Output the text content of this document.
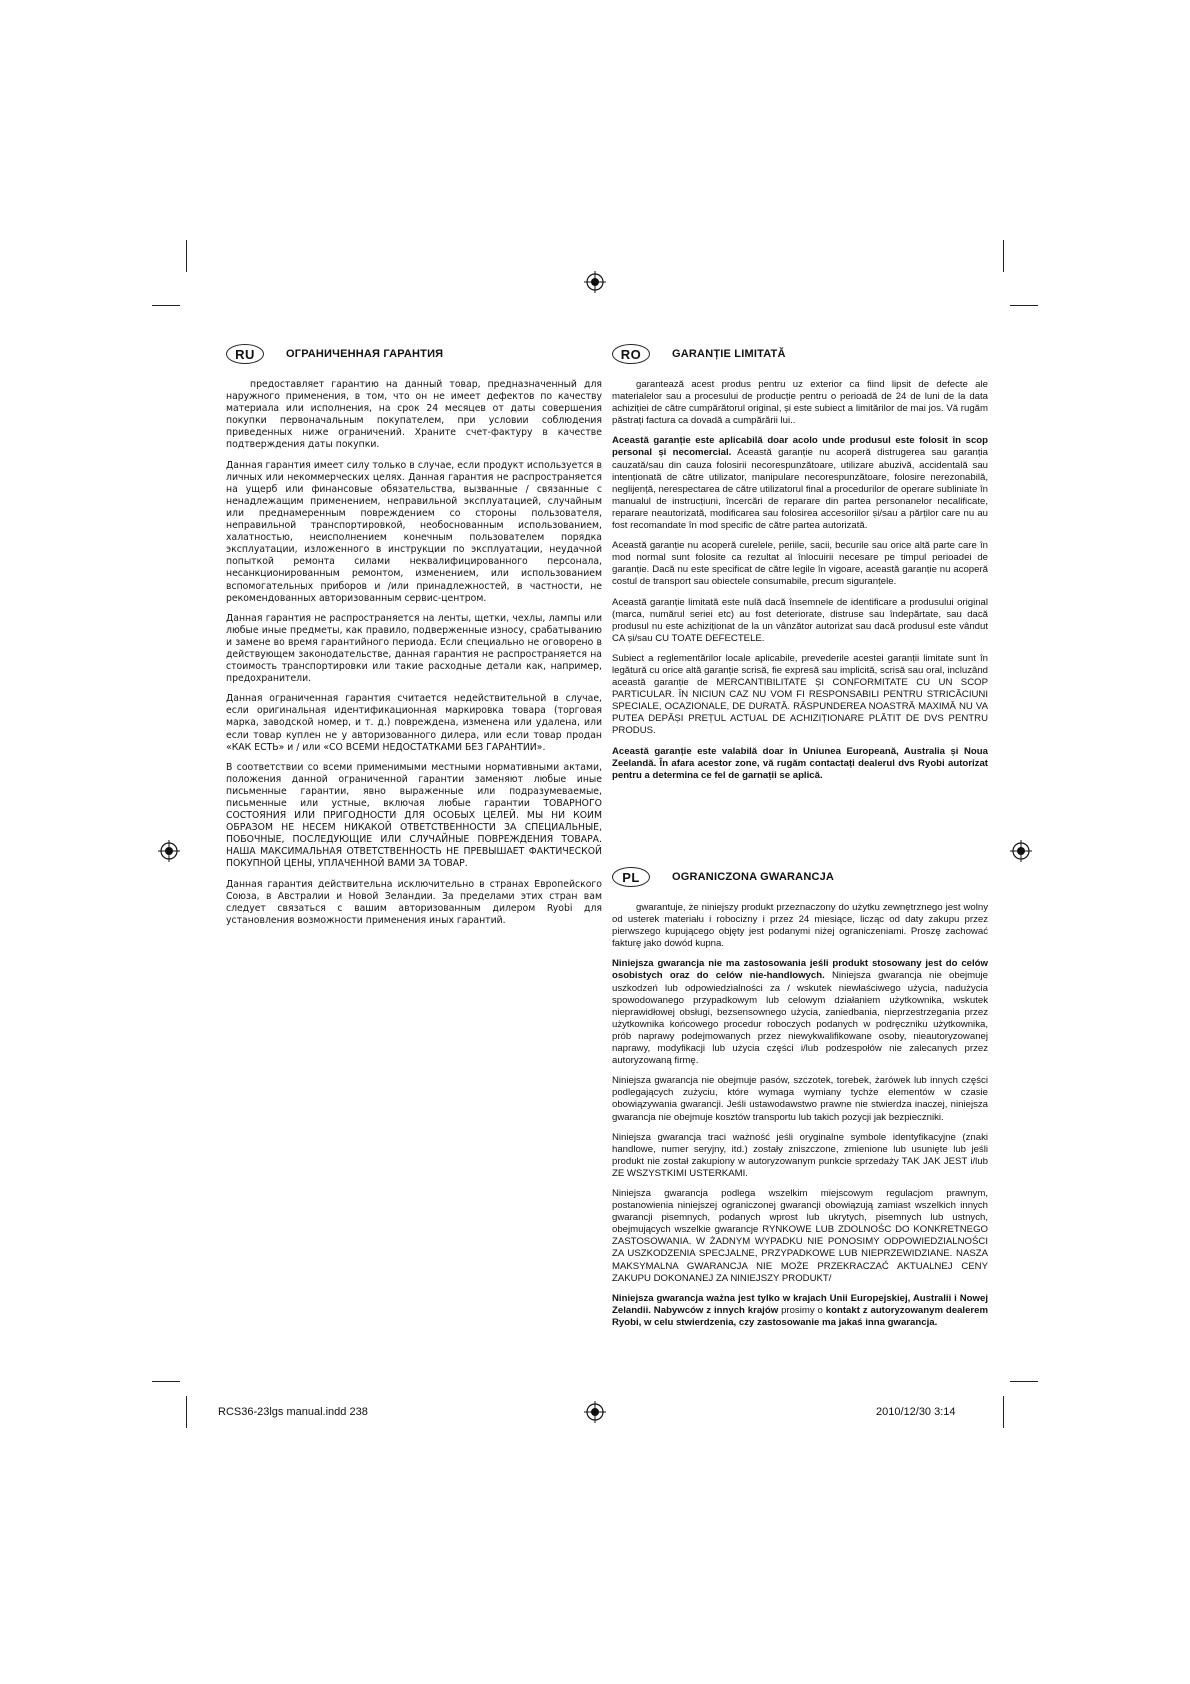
RU	ОГРАНИЧЕННАЯ ГАРАНТИЯ

предоставляет гарантию на данный товар, предназначенный для наружного применения, в том, что он не имеет дефектов по качеству материала или исполнения, на срок 24 месяцев от даты совершения покупки первоначальным покупателем, при условии соблюдения приведенных ниже ограничений. Храните счет-фактуру в качестве подтверждения даты покупки.

Данная гарантия имеет силу только в случае, если продукт используется в личных или некоммерческих целях. Данная гарантия не распространяется на ущерб или финансовые обязательства, вызванные / связанные с ненадлежащим применением, неправильной эксплуатацией, случайным или преднамеренным повреждением со стороны пользователя, неправильной транспортировкой, необоснованным использованием, халатностью, неисполнением конечным пользователем порядка эксплуатации, изложенного в инструкции по эксплуатации, неудачной попыткой ремонта силами неквалифицированного персонала, несанкционированным ремонтом, изменением, или использованием вспомогательных приборов и /или принадлежностей, в частности, не рекомендованных авторизованным сервис-центром.

Данная гарантия не распространяется на ленты, щетки, чехлы, лампы или любые иные предметы, как правило, подверженные износу, срабатыванию и замене во время гарантийного периода. Если специально не оговорено в действующем законодательстве, данная гарантия не распространяется на стоимость транспортировки или такие расходные детали как, например, предохранители.

Данная ограниченная гарантия считается недействительной в случае, если оригинальная идентификационная маркировка товара (торговая марка, заводской номер, и т. д.) повреждена, изменена или удалена, или если товар куплен не у авторизованного дилера, или если товар продан «КАК ЕСТЬ» и / или «СО ВСЕМИ НЕДОСТАТКАМИ БЕЗ ГАРАНТИИ».

В соответствии со всеми применимыми местными нормативными актами, положения данной ограниченной гарантии заменяют любые иные письменные гарантии, явно выраженные или подразумеваемые, письменные или устные, включая любые гарантии ТОВАРНОГО СОСТОЯНИЯ ИЛИ ПРИГОДНОСТИ ДЛЯ ОСОБЫХ ЦЕЛЕЙ. МЫ НИ КОИМ ОБРАЗОМ НЕ НЕСЕМ НИКАКОЙ ОТВЕТСТВЕННОСТИ ЗА СПЕЦИАЛЬНЫЕ, ПОБОЧНЫЕ, ПОСЛЕДУЮЩИЕ ИЛИ СЛУЧАЙНЫЕ ПОВРЕЖДЕНИЯ ТОВАРА. НАША МАКСИМАЛЬНАЯ ОТВЕТСТВЕННОСТЬ НЕ ПРЕВЫШАЕТ ФАКТИЧЕСКОЙ ПОКУПНОЙ ЦЕНЫ, УПЛАЧЕННОЙ ВАМИ ЗА ТОВАР.

Данная гарантия действительна исключительно в странах Европейского Союза, в Австралии и Новой Зеландии. За пределами этих стран вам следует связаться с вашим авторизованным дилером Ryobi для установления возможности применения иных гарантий.

RO	GARANȚIE LIMITATĂ

garantează acest produs pentru uz exterior ca fiind lipsit de defecte ale materialelor sau a procesului de producție pentru o perioadă de 24 de luni de la data achiziției de către cumpărătorul original, și este subiect a limitărilor de mai jos. Vă rugăm păstrați factura ca dovadă a cumpărării lui..

Această garanție este aplicabilă doar acolo unde produsul este folosit în scop personal și necomercial. Această garanție nu acoperă distrugerea sau garanția cauzată/sau din cauza folosirii necorespunzătoare, utilizare abuzivă, accidentală sau intenționată de către utilizator, manipulare necorespunzătoare, folosire nerezonabilă, neglijență, nerespectarea de către utilizatorul final a procedurilor de operare subliniate în manualul de instrucțiuni, încercări de reparare din partea personanelor necalificate, reparare neautorizată, modificarea sau folosirea accesoriilor și/sau a părților care nu au fost recomandate în mod specific de către partea autorizată.

Această garanție nu acoperă curelele, periile, sacii, becurile sau orice altă parte care în mod normal sunt folosite ca rezultat al înlocuirii necesare pe timpul perioadei de garanție. Dacă nu este specificat de către legile în vigoare, această garanție nu acoperă costul de transport sau obiectele consumabile, precum siguranțele.

Această garanție limitată este nulă dacă însemnele de identificare a produsului original (marca, numărul seriei etc) au fost deteriorate, distruse sau îndepărtate, sau dacă produsul nu este achiziționat de la un vânzător autorizat sau dacă produsul este vândut CA și/sau CU TOATE DEFECTELE.

Subiect a reglementărilor locale aplicabile, prevederile acestei garanții limitate sunt în legătură cu orice altă garanție scrisă, fie expresă sau implicită, scrisă sau oral, incluzând această garanție de MERCANTIBILITATE ȘI CONFORMITATE CU UN SCOP PARTICULAR. ÎN NICIUN CAZ NU VOM FI RESPONSABILI PENTRU STRICĂCIUNI SPECIALE, OCAZIONALE, DE DURATĂ. RĂSPUNDEREA NOASTRĂ MAXIMĂ NU VA PUTEA DEPĂȘI PREȚUL ACTUAL DE ACHIZIȚIONARE PLĂTIT DE DVS PENTRU PRODUS.

Această garanție este valabilă doar în Uniunea Europeană, Australia și Noua Zeelandă. În afara acestor zone, vă rugăm contactați dealerul dvs Ryobi autorizat pentru a determina ce fel de garnații se aplică.

PL	OGRANICZONA GWARANCJA

gwarantuje, że niniejszy produkt przeznaczony do użytku zewnętrznego jest wolny od usterek materiału i robocizny i przez 24 miesiące, licząc od daty zakupu przez pierwszego kupującego objęty jest podanymi niżej ograniczeniami. Proszę zachować fakturę jako dowód kupna.

Niniejsza gwarancja nie ma zastosowania jeśli produkt stosowany jest do celów osobistych oraz do celów nie-handlowych. Niniejsza gwarancja nie obejmuje uszkodzeń lub odpowiedzialności za / wskutek niewłaściwego użycia, nadużycia spowodowanego przypadkowym lub celowym działaniem użytkownika, wskutek nieprawidłowej obsługi, bezsensownego użycia, zaniedbania, nieprzestrzegania przez użytkownika końcowego procedur roboczych podanych w podręczniku użytkownika, prób naprawy podejmowanych przez niewykwalifikowane osoby, nieautoryzowanej naprawy, modyfikacji lub użycia części i/lub podzespołów nie zalecanych przez autoryzowaną firmę.

Niniejsza gwarancja nie obejmuje pasów, szczotek, torebek, żarówek lub innych części podlegających zużyciu, które wymaga wymiany tychże elementów w czasie obowiązywania gwarancji. Jeśli ustawodawstwo prawne nie stwierdza inaczej, niniejsza gwarancja nie obejmuje kosztów transportu lub takich pozycji jak bezpieczniki.

Niniejsza gwarancja traci ważność jeśli oryginalne symbole identyfikacyjne (znaki handlowe, numer seryjny, itd.) zostały zniszczone, zmienione lub usunięte lub jeśli produkt nie został zakupiony w autoryzowanym punkcie sprzedaży TAK JAK JEST i/lub ZE WSZYSTKIMI USTERKAMI.

Niniejsza gwarancja podlega wszelkim miejscowym regulacjom prawnym, postanowienia niniejszej ograniczonej gwarancji obowiązują zamiast wszelkich innych gwarancji pisemnych, podanych wprost lub ukrytych, pisemnych lub ustnych, obejmujących wszelkie gwarancje RYNKOWE LUB ZDOLNOŚC DO KONKRETNEGO ZASTOSOWANIA. W ŻADNYM WYPADKU NIE PONOSIMY ODPOWIEDZIALNOŚCI ZA USZKODZENIA SPECJALNE, PRZYPADKOWE LUB NIEPRZEWIDZIANE. NASZA MAKSYMALNA GWARANCJA NIE MOŻE PRZEKRACZAĆ AKTUALNEJ CENY ZAKUPU DOKONANEJ ZA NINIEJSZY PRODUKT/

Niniejsza gwarancja ważna jest tylko w krajach Unii Europejskiej, Australii i Nowej Zelandii. Nabywców z innych krajów prosimy o kontakt z autoryzowanym dealerem Ryobi, w celu stwierdzenia, czy zastosowanie ma jakaś inna gwarancja.

RCS36-23lgs manual.indd 238	2010/12/30 3:14
